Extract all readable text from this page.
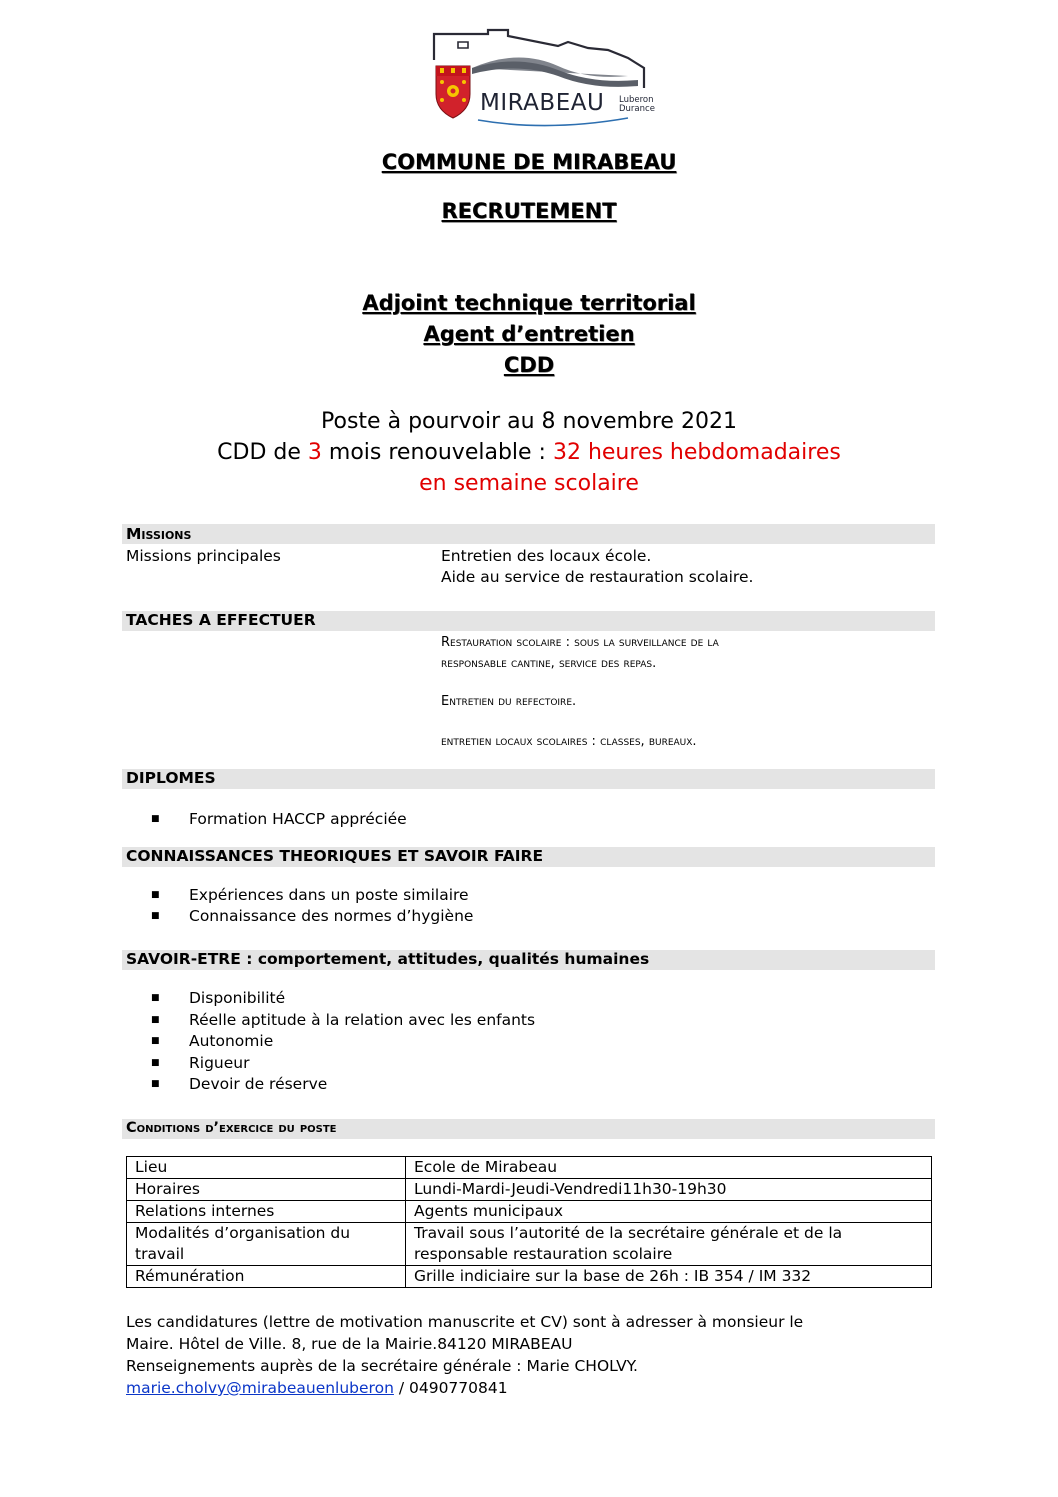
MIRABEAU Luberon
Durance
COMMUNE DE MIRABEAU
RECRUTEMENT
Adjoint technique territorial
Agent d’entretien
CDD
Poste à pourvoir au 8 novembre 2021
CDD de 3 mois renouvelable : 32 heures hebdomadaires
en semaine scolaire
Missions
Missions principales	Entretien des locaux école.
Aide au service de restauration scolaire.
TACHES A EFFECTUER
Restauration scolaire : sous la surveillance de la
responsable cantine, service des repas.
Entretien du refectoire.
entretien locaux scolaires : classes, bureaux.
DIPLOMES
■ Formation HACCP appréciée
CONNAISSANCES THEORIQUES ET SAVOIR FAIRE
■ Expériences dans un poste similaire
■ Connaissance des normes d’hygiène
SAVOIR-ETRE : comportement, attitudes, qualités humaines
■ Disponibilité
■ Réelle aptitude à la relation avec les enfants
■ Autonomie
■ Rigueur
■ Devoir de réserve
Conditions d’exercice du poste
Lieu	Ecole de Mirabeau
Horaires	Lundi-Mardi-Jeudi-Vendredi11h30-19h30
Relations internes	Agents municipaux
Modalités d’organisation du travail	Travail sous l’autorité de la secrétaire générale et de la responsable restauration scolaire
Rémunération	Grille indiciaire sur la base de 26h : IB 354 / IM 332
Les candidatures (lettre de motivation manuscrite et CV) sont à adresser à monsieur le
Maire. Hôtel de Ville. 8, rue de la Mairie.84120 MIRABEAU
Renseignements auprès de la secrétaire générale : Marie CHOLVY.
marie.cholvy@mirabeauenluberon / 0490770841
